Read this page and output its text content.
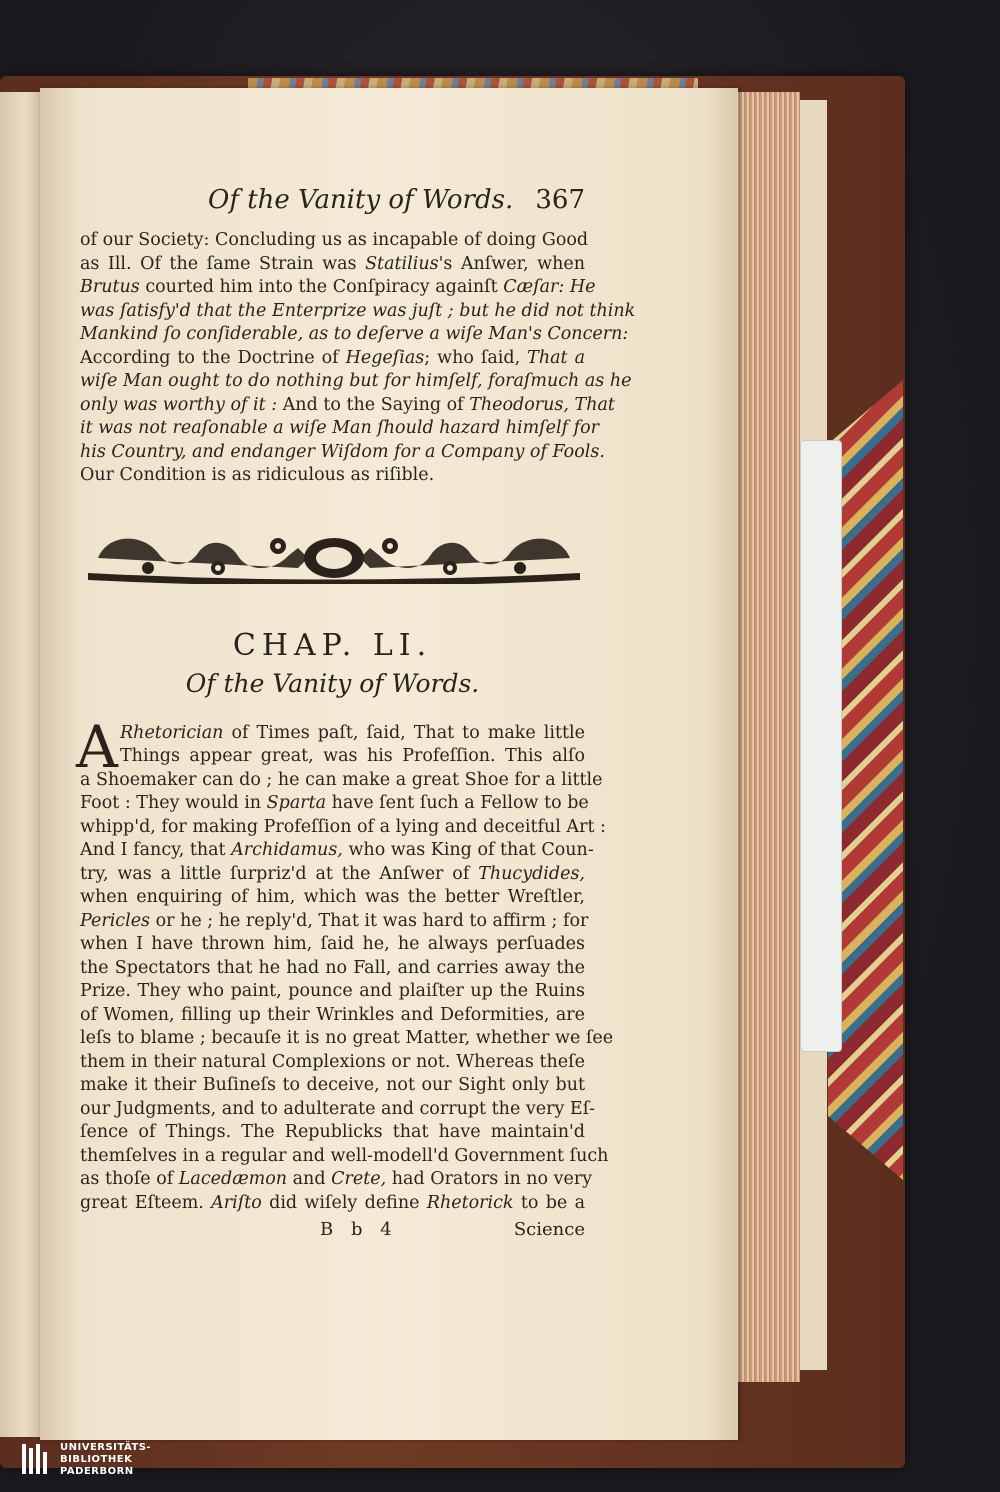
Of the Vanity of Words. 367

of our Society: Concluding us as incapable of doing Good
as Ill. Of the ſame Strain was Statilius's Anſwer, when
Brutus courted him into the Conſpiracy againſt Cæſar: He
was ſatisfy'd that the Enterprize was juſt ; but he did not think
Mankind ſo conſiderable, as to deſerve a wiſe Man's Concern:
According to the Doctrine of Hegeſias; who ſaid, That a
wiſe Man ought to do nothing but for himſelf, foraſmuch as he
only was worthy of it : And to the Saying of Theodorus, That
it was not reaſonable a wiſe Man ſhould hazard himſelf for
his Country, and endanger Wiſdom for a Company of Fools.
Our Condition is as ridiculous as riſible.

CHAP. LI.
Of the Vanity of Words.
A Rhetorician of Times paſt, ſaid, That to make little
Things appear great, was his Profeſſion. This alſo
a Shoemaker can do ; he can make a great Shoe for a little
Foot : They would in Sparta have ſent ſuch a Fellow to be
whipp'd, for making Profeſſion of a lying and deceitful Art :
And I fancy, that Archidamus, who was King of that Coun-
try, was a little ſurpriz'd at the Anſwer of Thucydides,
when enquiring of him, which was the better Wreſtler,
Pericles or he ; he reply'd, That it was hard to affirm ; for
when I have thrown him, ſaid he, he always perſuades
the Spectators that he had no Fall, and carries away the
Prize. They who paint, pounce and plaiſter up the Ruins
of Women, filling up their Wrinkles and Deformities, are
leſs to blame ; becauſe it is no great Matter, whether we ſee
them in their natural Complexions or not. Whereas theſe
make it their Buſineſs to deceive, not our Sight only but
our Judgments, and to adulterate and corrupt the very Eſ-
ſence of Things. The Republicks that have maintain'd
themſelves in a regular and well-modell'd Government ſuch
as thoſe of Lacedæmon and Crete, had Orators in no very
great Eſteem. Ariſto did wiſely define Rhetorick to be a

B b 4	Science
UNIVERSITÄTS-
BIBLIOTHEK
PADERBORN
